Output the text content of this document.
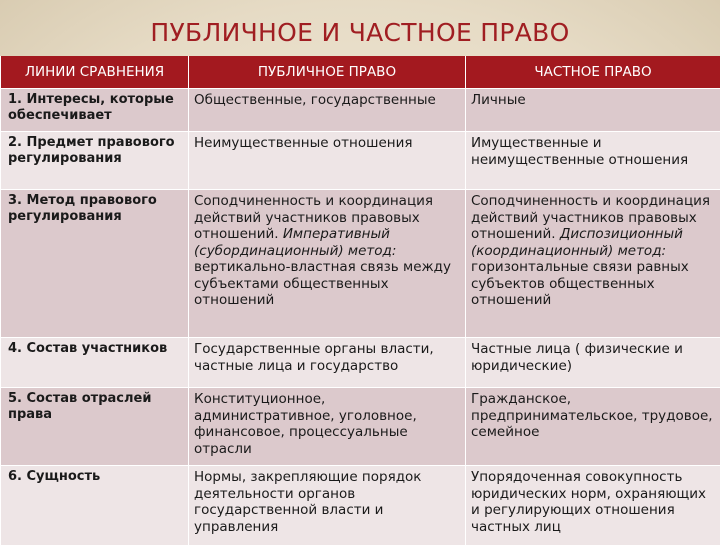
ПУБЛИЧНОЕ И ЧАСТНОЕ ПРАВО
ЛИНИИ СРАВНЕНИЯ	ПУБЛИЧНОЕ ПРАВО	ЧАСТНОЕ ПРАВО
1. Интересы, которые обеспечивает	Общественные, государственные	Личные
2. Предмет правового регулирования	Неимущественные отношения	Имущественные и неимущественные отношения
3. Метод правового регулирования	Соподчиненность и координация действий участников правовых отношений. Императивный (субординационный) метод: вертикально-властная связь между субъектами общественных отношений	Соподчиненность и координация действий участников правовых отношений. Диспозиционный (координационный) метод: горизонтальные связи равных субъектов общественных отношений
4. Состав участников	Государственные органы власти, частные лица и государство	Частные лица ( физические и юридические)
5. Состав отраслей права	Конституционное, административное, уголовное, финансовое, процессуальные отрасли	Гражданское, предпринимательское, трудовое, семейное
6. Сущность	Нормы, закрепляющие порядок деятельности органов государственной власти и управления	Упорядоченная совокупность юридических норм, охраняющих и регулирующих отношения частных лиц
